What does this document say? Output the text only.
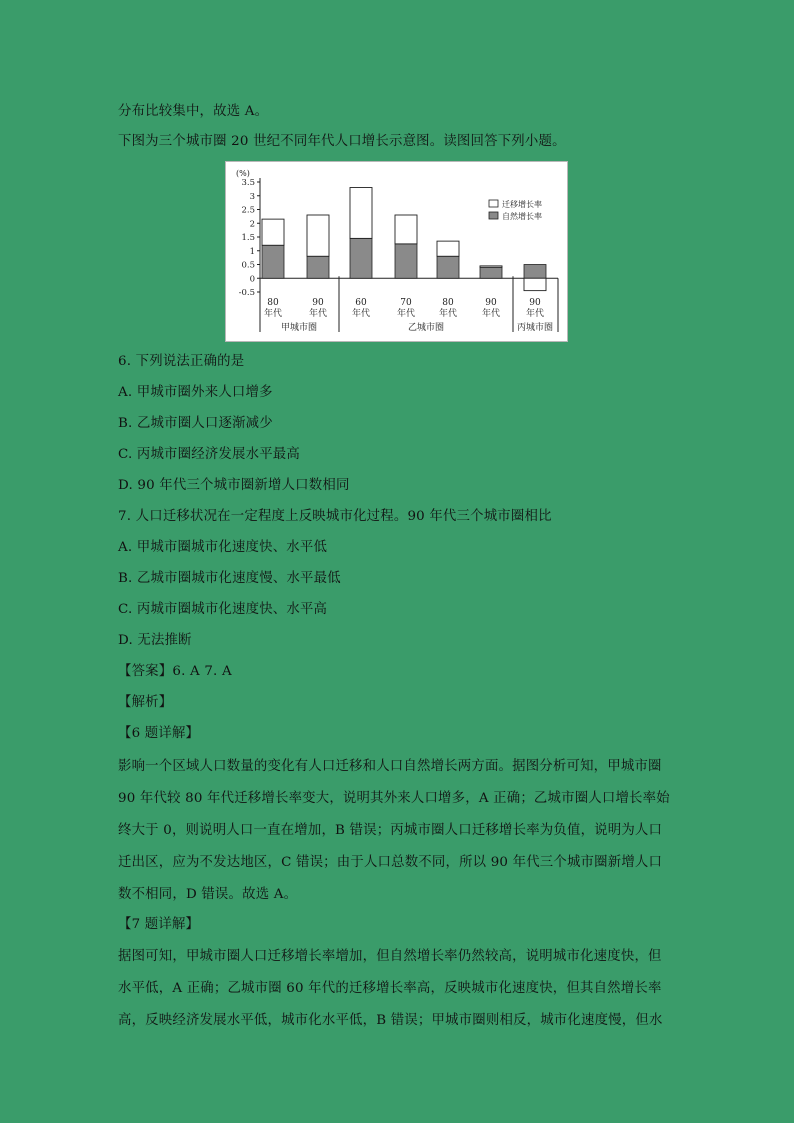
分布比较集中，故选 A。
下图为三个城市圈 20 世纪不同年代人口增长示意图。读图回答下列小题。
6. 下列说法正确的是
A. 甲城市圈外来人口增多
B. 乙城市圈人口逐渐减少
C. 丙城市圈经济发展水平最高
D. 90 年代三个城市圈新增人口数相同
7. 人口迁移状况在一定程度上反映城市化过程。90 年代三个城市圈相比
A. 甲城市圈城市化速度快、水平低
B. 乙城市圈城市化速度慢、水平最低
C. 丙城市圈城市化速度快、水平高
D. 无法推断
【答案】6. A 7. A
【解析】
【6 题详解】
影响一个区域人口数量的变化有人口迁移和人口自然增长两方面。据图分析可知，甲城市圈
90 年代较 80 年代迁移增长率变大，说明其外来人口增多，A 正确；乙城市圈人口增长率始
终大于 0，则说明人口一直在增加，B 错误；丙城市圈人口迁移增长率为负值，说明为人口
迁出区，应为不发达地区，C 错误；由于人口总数不同，所以 90 年代三个城市圈新增人口
数不相同，D 错误。故选 A。
【7 题详解】
据图可知，甲城市圈人口迁移增长率增加，但自然增长率仍然较高，说明城市化速度快，但
水平低，A 正确；乙城市圈 60 年代的迁移增长率高，反映城市化速度快，但其自然增长率
高，反映经济发展水平低，城市化水平低，B 错误；甲城市圈则相反，城市化速度慢，但水
(%)
3.5
3
2.5
2
1.5
1
0.5
0
-0.5
80
年代
90
年代
60
年代
70
年代
80
年代
90
年代
90
年代
甲城市圈	乙城市圈	丙城市圈
迁移增长率
自然增长率
